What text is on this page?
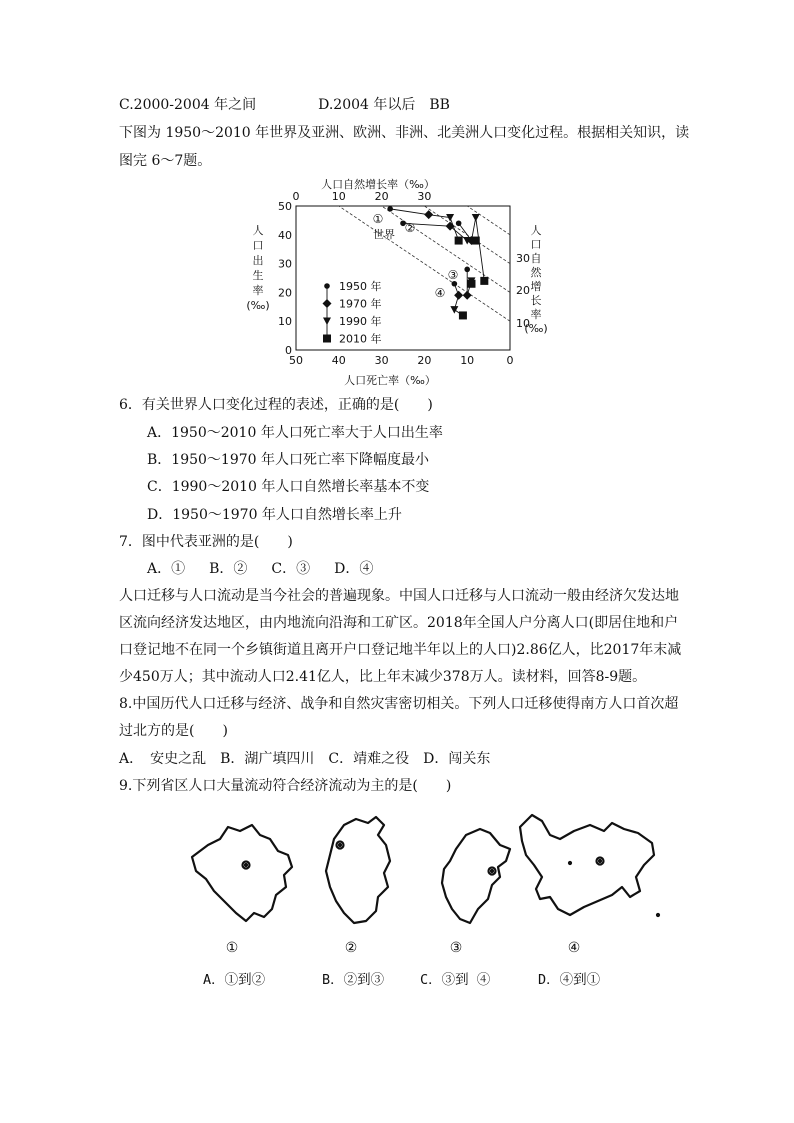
C.2000-2004 年之间	D.2004 年以后 BB
下图为 1950～2010 年世界及亚洲、欧洲、非洲、北美洲人口变化过程。根据相关知识，读
图完 6～7题。
人口自然增长率（‰）
0	10	20	30
50
40
30
20
10
0
50	40	30	20	10	0
30
20
10
人口死亡率（‰）
人
口
出
生
率
(‰)
人
口
自
然
增
长
率
(‰)
①
②
世界
③
④
1950 年
1970 年
1990 年
2010 年
6．有关世界人口变化过程的表述，正确的是(　　)
A．1950～2010 年人口死亡率大于人口出生率
B．1950～1970 年人口死亡率下降幅度最小
C．1990～2010 年人口自然增长率基本不变
D．1950～1970 年人口自然增长率上升
7．图中代表亚洲的是(　　)
A．① B．② C．③ D．④
人口迁移与人口流动是当今社会的普遍现象。中国人口迁移与人口流动一般由经济欠发达地
区流向经济发达地区，由内地流向沿海和工矿区。2018年全国人户分离人口(即居住地和户
口登记地不在同一个乡镇街道且离开户口登记地半年以上的人口)2.86亿人，比2017年末减
少450万人；其中流动人口2.41亿人，比上年末减少378万人。读材料，回答8-9题。
8.中国历代人口迁移与经济、战争和自然灾害密切相关。下列人口迁移使得南方人口首次超
过北方的是(　　)
A．　安史之乱 B．湖广填四川 C．靖难之役 D．闯关东
9.下列省区人口大量流动符合经济流动为主的是(　　)
①	②	③	④
A．①到②	B．②到③	C．③到 ④	D．④到①
